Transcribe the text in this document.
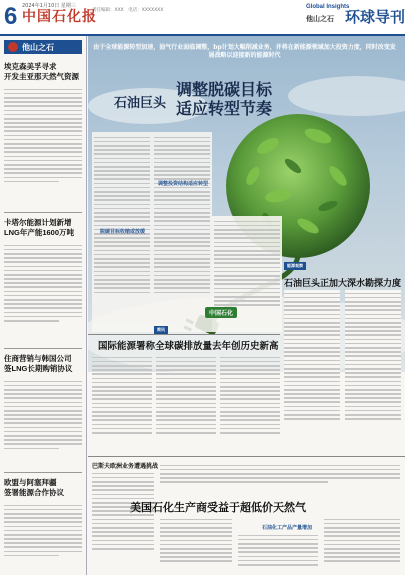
6 2024年1月10日 星期三
中国石化报
责任编辑：XXX　电话：XXXXXXX
Global Insights
他山之石 环球导刊
他山之石
埃克森美孚寻求
开发圭亚那天然气资源
卡塔尔能源计划新增
LNG年产能1600万吨
住商营销与韩国公司
签LNG长期购销协议
欧盟与阿塞拜疆
签署能源合作协议
由于全球能源转型加速，油气行业面临调整，bp计划大幅削减业务，并将在新能源领域加大投资力度，同时改变发展战略以迎接新的能源时代
石油巨头
调整脱碳目标
适应转型节奏
脱碳目标收缩或放缓
调整投资结构适应转型
能源观察
石油巨头正加大深水勘探力度
中国石化
简讯
国际能源署称全球碳排放量去年创历史新高
巴斯夫欧洲业务遭遇挑战
美国石化生产商受益于超低价天然气
石油化工产品产量增加
